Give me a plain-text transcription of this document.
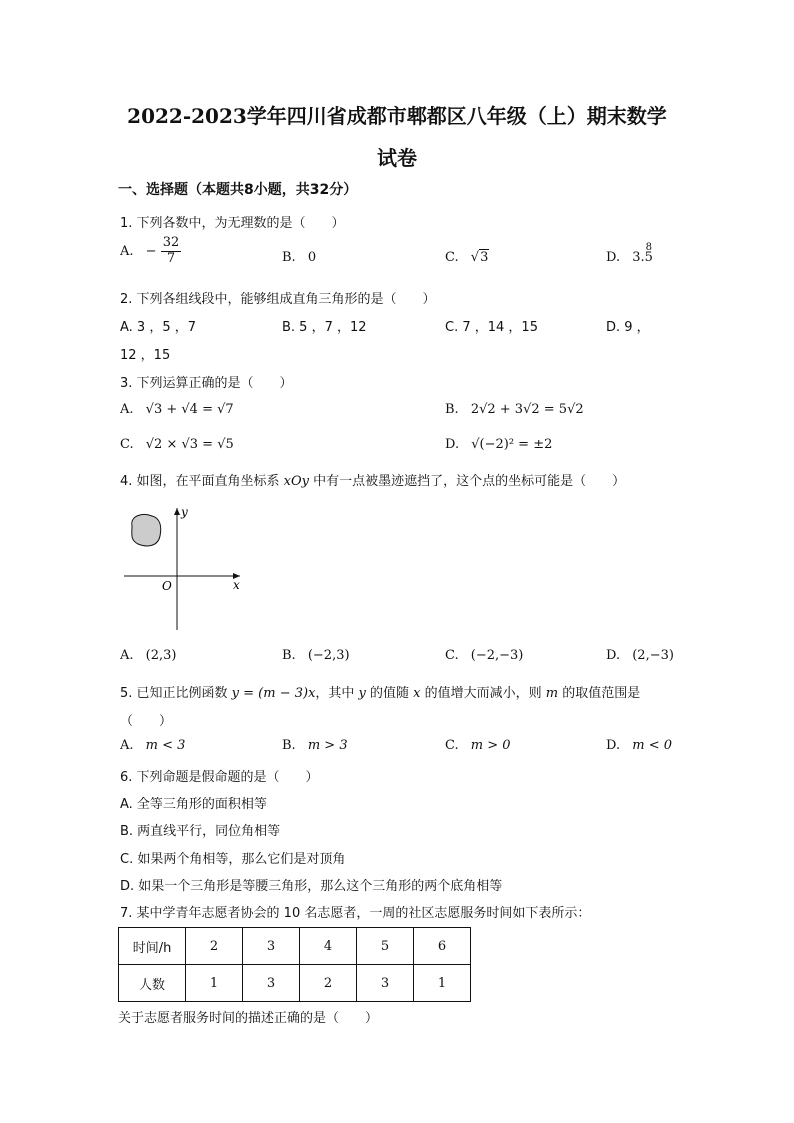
2022-2023学年四川省成都市郫都区八年级（上）期末数学
试卷
一、选择题（本题共8小题，共32分）
1. 下列各数中，为无理数的是（　　）
A. − $\frac{32}{7}$	B. 0	C. √3	D. 3.
8
5
2. 下列各组线段中，能够组成直角三角形的是（　　）
A. 3 ，5 ，7	B. 5 ，7 ，12	C. 7 ，14 ，15	D. 9 ，
12 ，15
3. 下列运算正确的是（　　）
A. √3 + √4 = √7	B. 2√2 + 3√2 = 5√2
C. √2 × √3 = √5	D. √(−2)² = ±2
4. 如图，在平面直角坐标系 xOy 中有一点被墨迹遮挡了，这个点的坐标可能是（　　）
x
y
O
A. (2,3)	B. (−2,3)	C. (−2,−3)	D. (2,−3)
5. 已知正比例函数 y = (m − 3)x，其中 y 的值随 x 的值增大而减小，则 m 的取值范围是
（　　）
A. m < 3	B. m > 3	C. m > 0	D. m < 0
6. 下列命题是假命题的是（　　）
A. 全等三角形的面积相等
B. 两直线平行，同位角相等
C. 如果两个角相等，那么它们是对顶角
D. 如果一个三角形是等腰三角形，那么这个三角形的两个底角相等
7. 某中学青年志愿者协会的 10 名志愿者，一周的社区志愿服务时间如下表所示：
时间/h	2	3	4	5	6
人数	1	3	2	3	1
关于志愿者服务时间的描述正确的是（　　）
